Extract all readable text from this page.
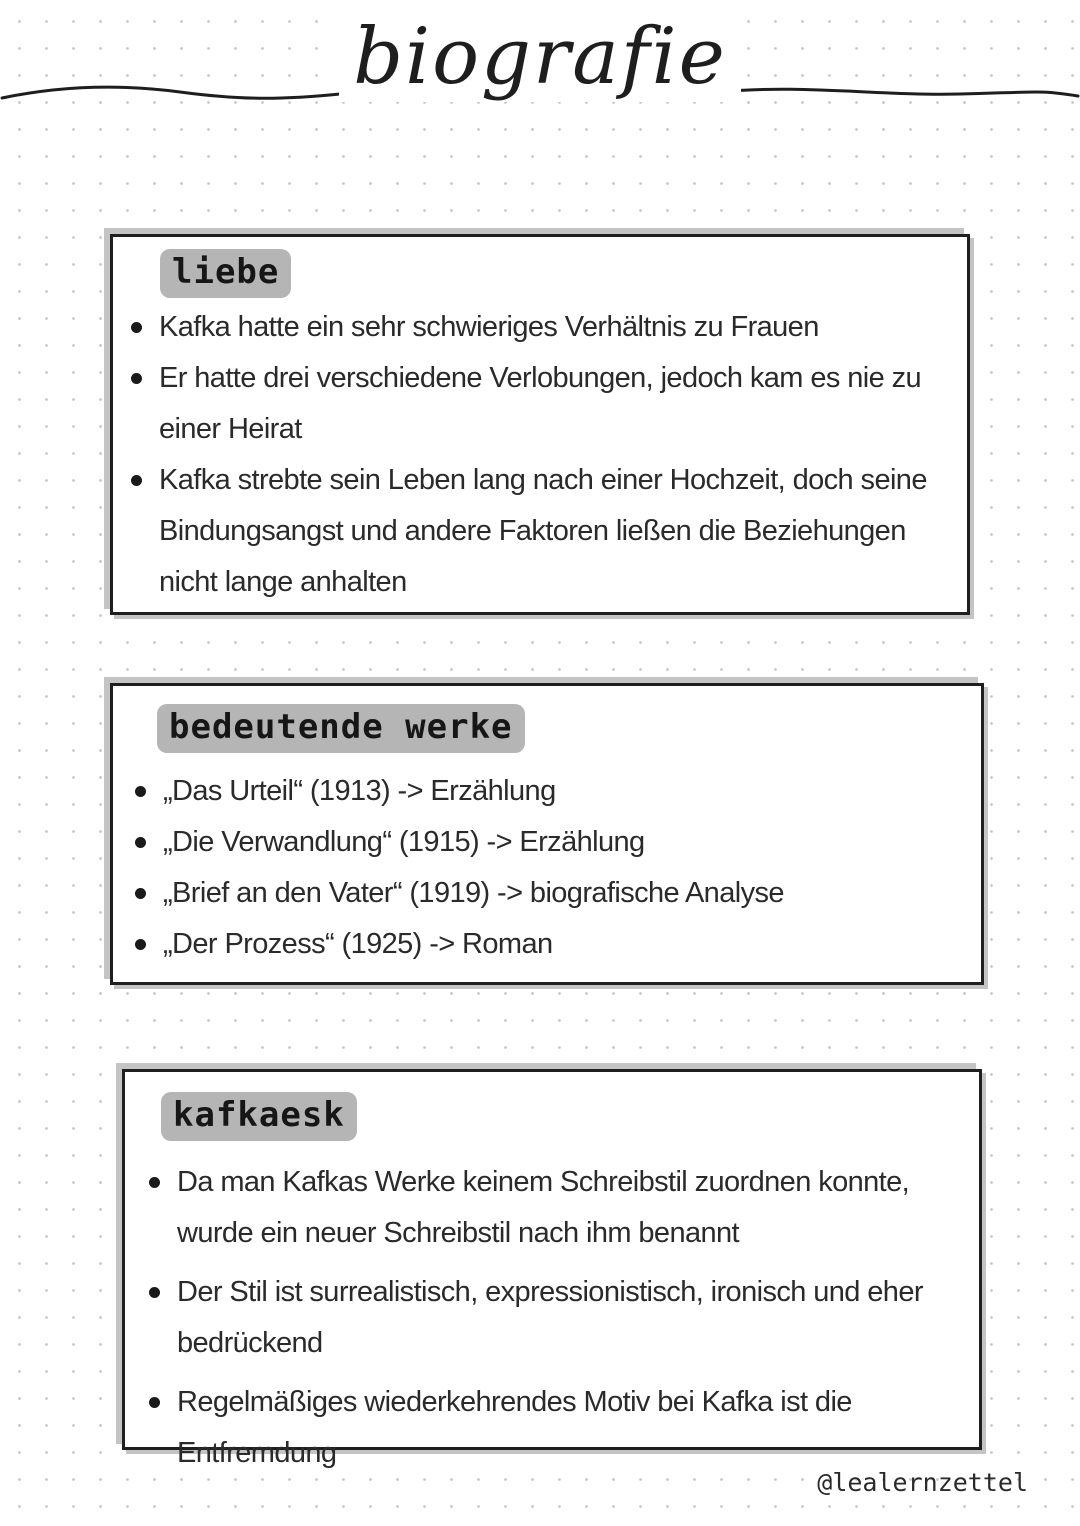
biografie
liebe
Kafka hatte ein sehr schwieriges Verhältnis zu Frauen
Er hatte drei verschiedene Verlobungen, jedoch kam es nie zu einer Heirat
Kafka strebte sein Leben lang nach einer Hochzeit, doch seine Bindungsangst und andere Faktoren ließen die Beziehungen nicht lange anhalten
bedeutende werke
„Das Urteil“ (1913) -> Erzählung
„Die Verwandlung“ (1915) -> Erzählung
„Brief an den Vater“ (1919) -> biografische Analyse
„Der Prozess“ (1925) -> Roman
kafkaesk
Da man Kafkas Werke keinem Schreibstil zuordnen konnte, wurde ein neuer Schreibstil nach ihm benannt
Der Stil ist surrealistisch, expressionistisch, ironisch und eher bedrückend
Regelmäßiges wiederkehrendes Motiv bei Kafka ist die Entfremdung
@lealernzettel
